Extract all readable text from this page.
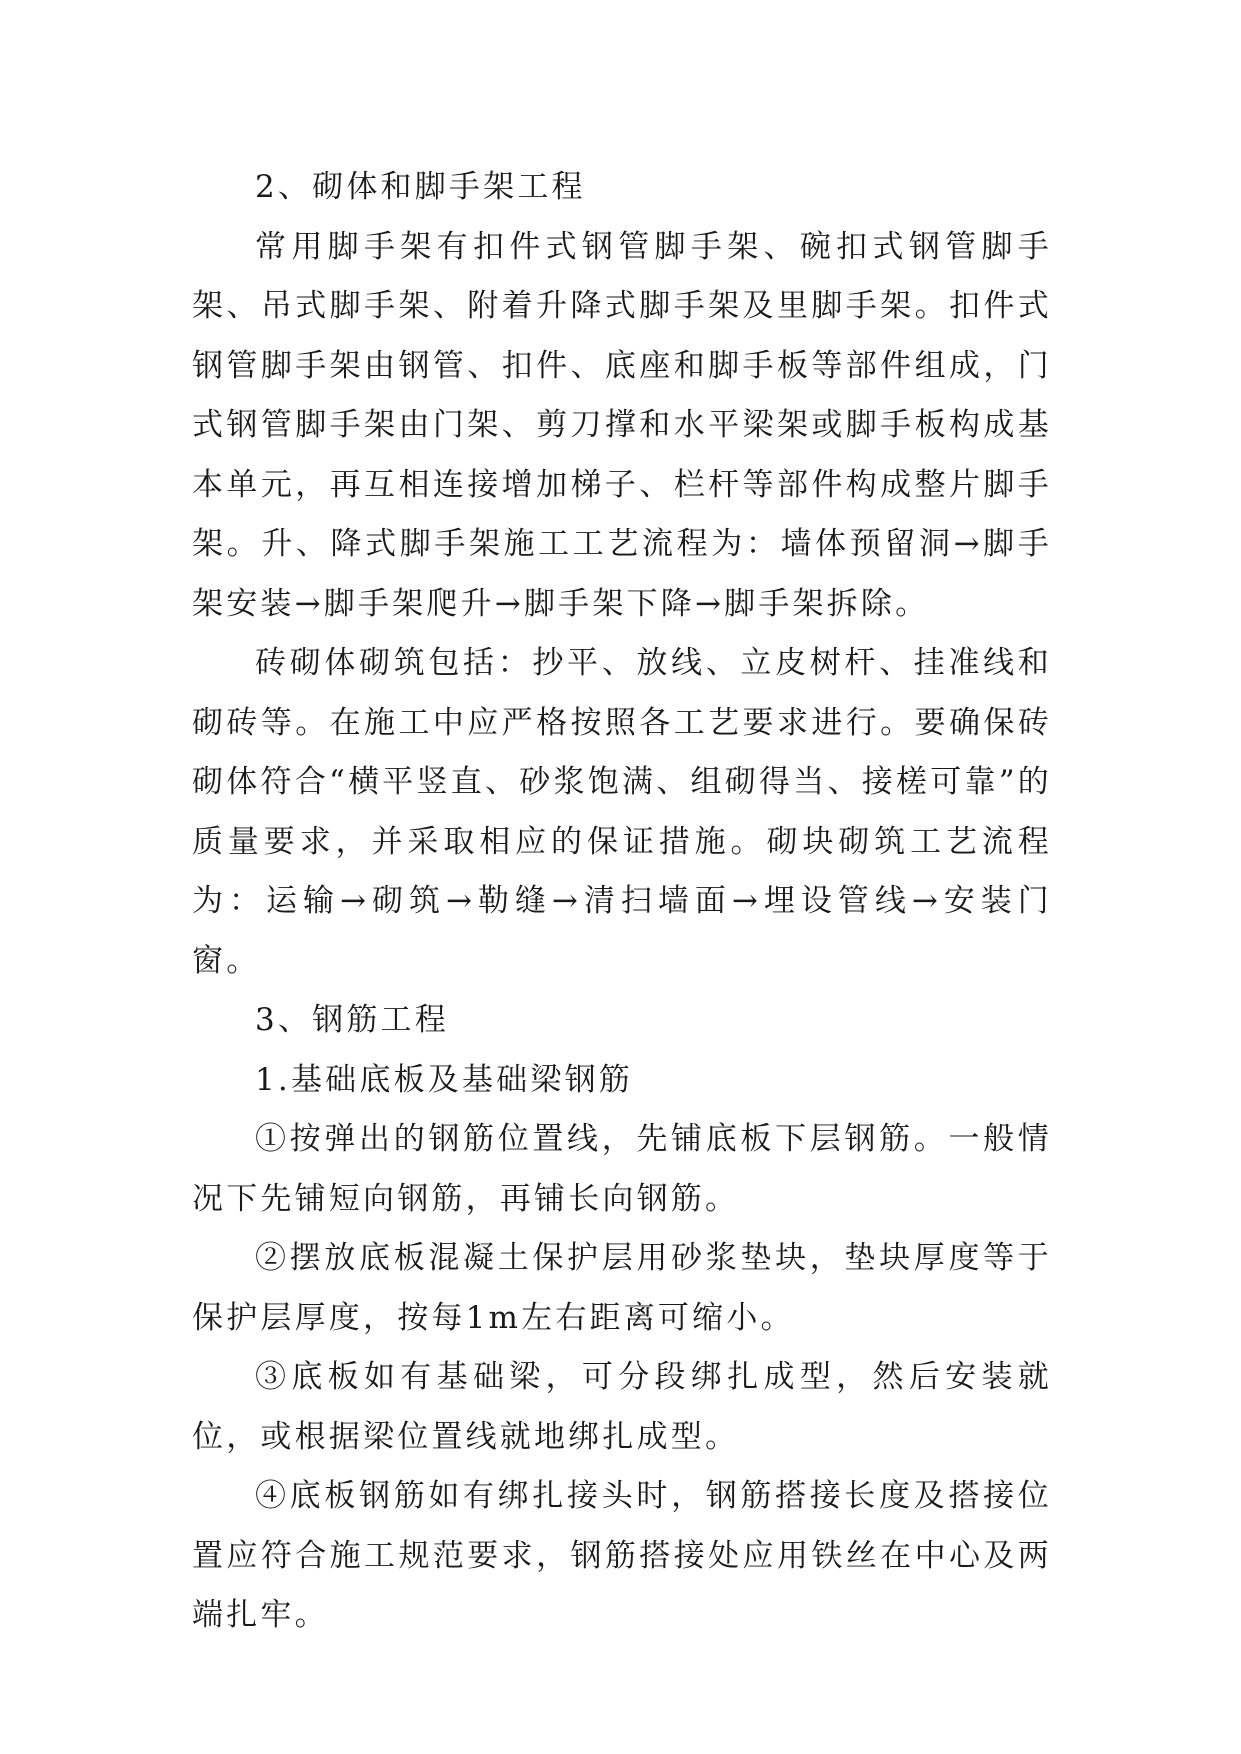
2、砌体和脚手架工程

常用脚手架有扣件式钢管脚手架、碗扣式钢管脚手架、吊式脚手架、附着升降式脚手架及里脚手架。扣件式钢管脚手架由钢管、扣件、底座和脚手板等部件组成，门式钢管脚手架由门架、剪刀撑和水平梁架或脚手板构成基本单元，再互相连接增加梯子、栏杆等部件构成整片脚手架。升、降式脚手架施工工艺流程为：墙体预留洞→脚手架安装→脚手架爬升→脚手架下降→脚手架拆除。

砖砌体砌筑包括：抄平、放线、立皮树杆、挂准线和砌砖等。在施工中应严格按照各工艺要求进行。要确保砖砌体符合“横平竖直、砂浆饱满、组砌得当、接槎可靠”的质量要求，并采取相应的保证措施。砌块砌筑工艺流程为：运输→砌筑→勒缝→清扫墙面→埋设管线→安装门窗。

3、钢筋工程

1.基础底板及基础梁钢筋

①按弹出的钢筋位置线，先铺底板下层钢筋。一般情况下先铺短向钢筋，再铺长向钢筋。

②摆放底板混凝土保护层用砂浆垫块，垫块厚度等于保护层厚度，按每1m左右距离可缩小。

③底板如有基础梁，可分段绑扎成型，然后安装就位，或根据梁位置线就地绑扎成型。

④底板钢筋如有绑扎接头时，钢筋搭接长度及搭接位置应符合施工规范要求，钢筋搭接处应用铁丝在中心及两端扎牢。
